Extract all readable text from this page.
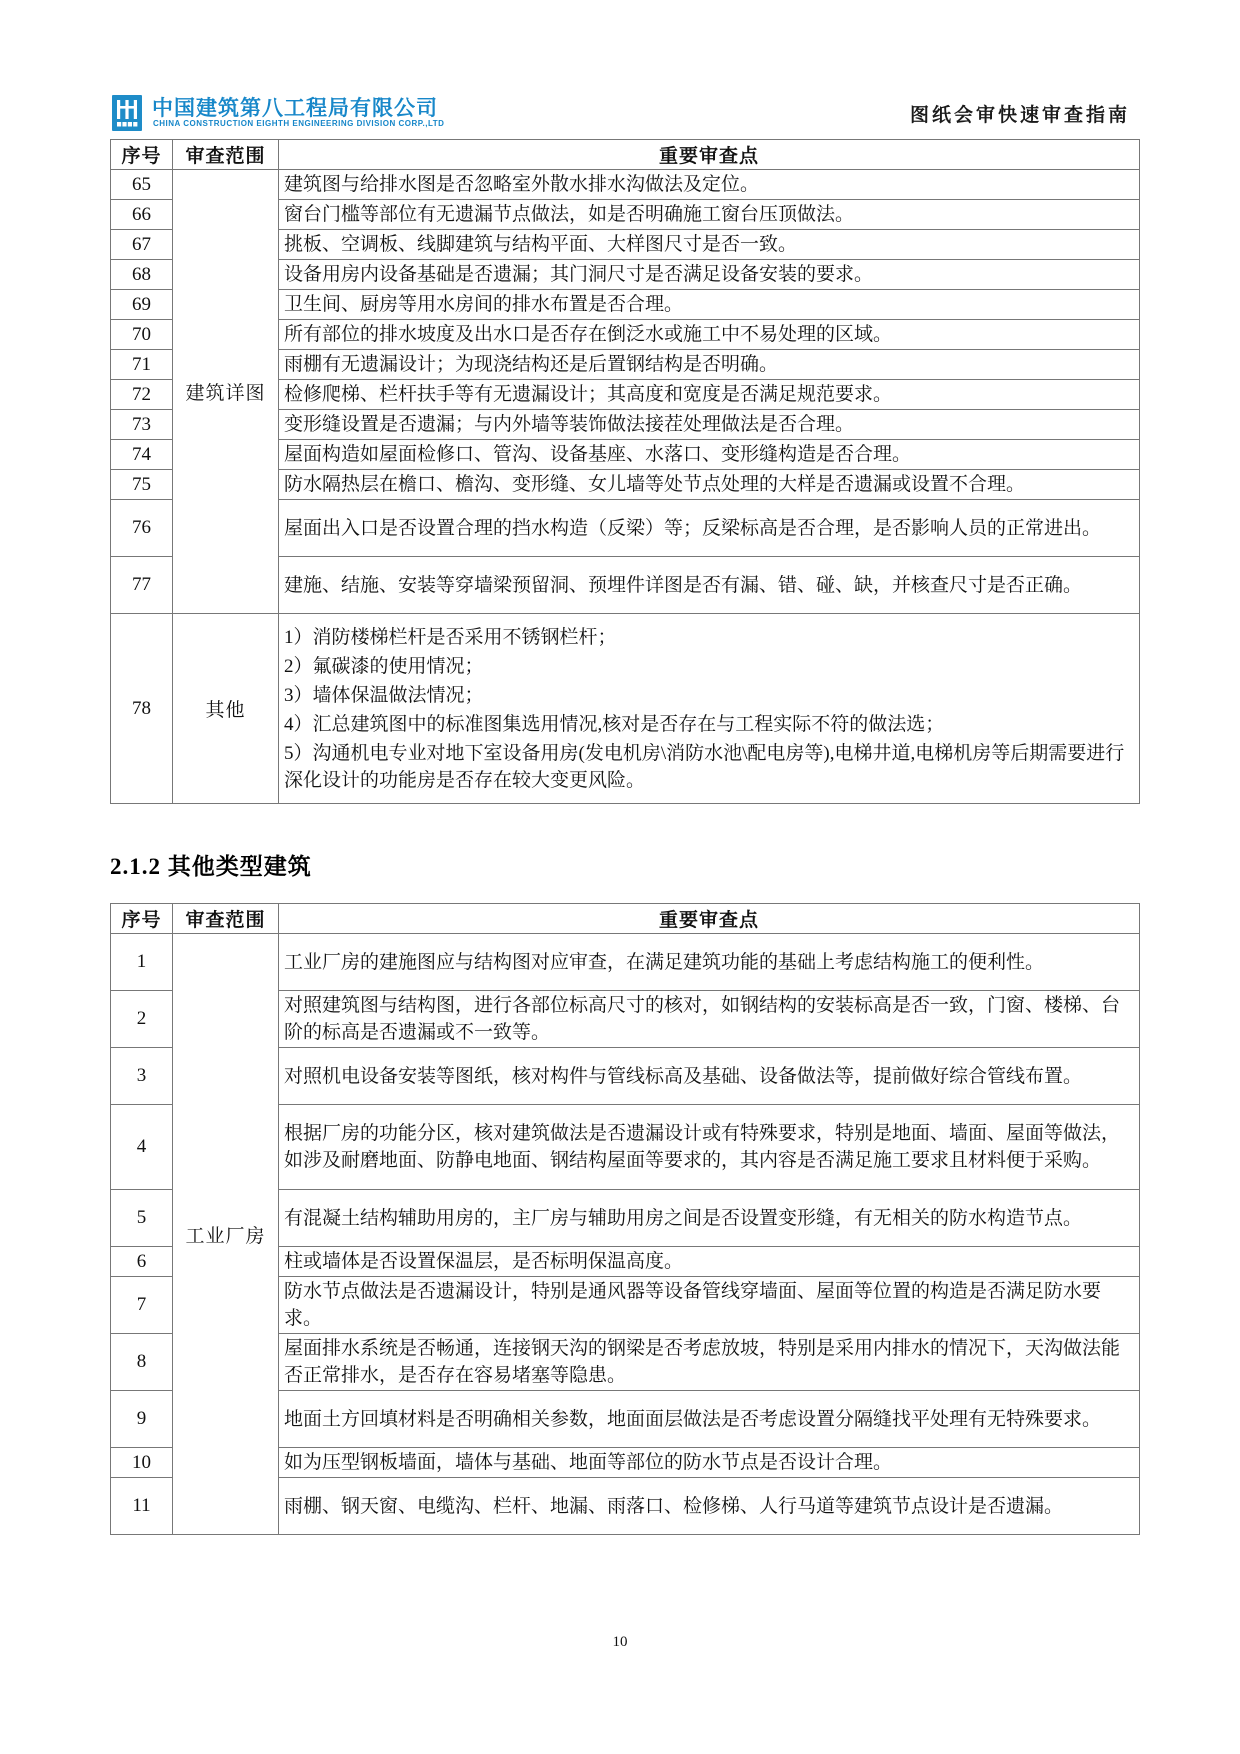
中国建筑第八工程局有限公司
CHINA CONSTRUCTION EIGHTH ENGINEERING DIVISION CORP.,LTD	图纸会审快速审查指南
序号	审查范围	重要审查点
65	建筑详图	建筑图与给排水图是否忽略室外散水排水沟做法及定位。
66		窗台门槛等部位有无遗漏节点做法，如是否明确施工窗台压顶做法。
67		挑板、空调板、线脚建筑与结构平面、大样图尺寸是否一致。
68		设备用房内设备基础是否遗漏；其门洞尺寸是否满足设备安装的要求。
69		卫生间、厨房等用水房间的排水布置是否合理。
70		所有部位的排水坡度及出水口是否存在倒泛水或施工中不易处理的区域。
71		雨棚有无遗漏设计；为现浇结构还是后置钢结构是否明确。
72		检修爬梯、栏杆扶手等有无遗漏设计；其高度和宽度是否满足规范要求。
73		变形缝设置是否遗漏；与内外墙等装饰做法接茬处理做法是否合理。
74		屋面构造如屋面检修口、管沟、设备基座、水落口、变形缝构造是否合理。
75		防水隔热层在檐口、檐沟、变形缝、女儿墙等处节点处理的大样是否遗漏或设置不合理。
76		屋面出入口是否设置合理的挡水构造（反梁）等；反梁标高是否合理，是否影响人员的正常进出。
77		建施、结施、安装等穿墙梁预留洞、预埋件详图是否有漏、错、碰、缺，并核查尺寸是否正确。
78	其他	1）消防楼梯栏杆是否采用不锈钢栏杆；
2）氟碳漆的使用情况；
3）墙体保温做法情况；
4）汇总建筑图中的标准图集选用情况,核对是否存在与工程实际不符的做法选；
5）沟通机电专业对地下室设备用房(发电机房\消防水池\配电房等),电梯井道,电梯机房等后期需要进行深化设计的功能房是否存在较大变更风险。
2.1.2 其他类型建筑
序号	审查范围	重要审查点
1	工业厂房	工业厂房的建施图应与结构图对应审查，在满足建筑功能的基础上考虑结构施工的便利性。
2		对照建筑图与结构图，进行各部位标高尺寸的核对，如钢结构的安装标高是否一致，门窗、楼梯、台阶的标高是否遗漏或不一致等。
3		对照机电设备安装等图纸，核对构件与管线标高及基础、设备做法等，提前做好综合管线布置。
4		根据厂房的功能分区，核对建筑做法是否遗漏设计或有特殊要求，特别是地面、墙面、屋面等做法，如涉及耐磨地面、防静电地面、钢结构屋面等要求的，其内容是否满足施工要求且材料便于采购。
5		有混凝土结构辅助用房的，主厂房与辅助用房之间是否设置变形缝，有无相关的防水构造节点。
6		柱或墙体是否设置保温层，是否标明保温高度。
7		防水节点做法是否遗漏设计，特别是通风器等设备管线穿墙面、屋面等位置的构造是否满足防水要求。
8		屋面排水系统是否畅通，连接钢天沟的钢梁是否考虑放坡，特别是采用内排水的情况下，天沟做法能否正常排水，是否存在容易堵塞等隐患。
9		地面土方回填材料是否明确相关参数，地面面层做法是否考虑设置分隔缝找平处理有无特殊要求。
10		如为压型钢板墙面，墙体与基础、地面等部位的防水节点是否设计合理。
11		雨棚、钢天窗、电缆沟、栏杆、地漏、雨落口、检修梯、人行马道等建筑节点设计是否遗漏。
10
